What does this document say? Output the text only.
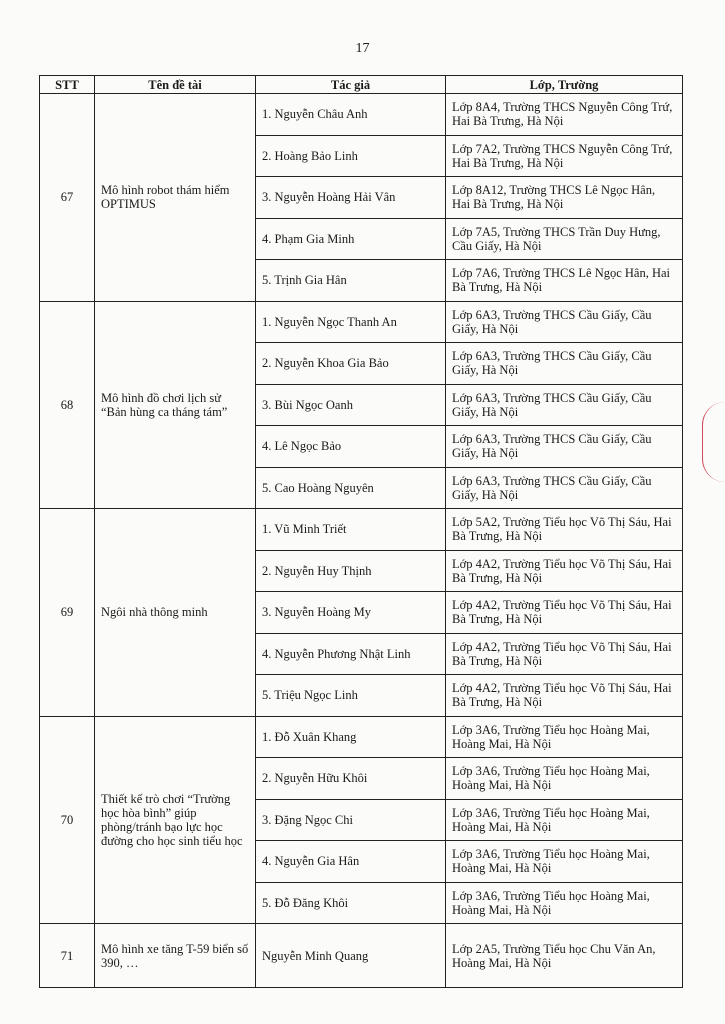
17
STT	Tên đề tài	Tác giả	Lớp, Trường
67	Mô hình robot thám hiểm OPTIMUS	1. Nguyễn Châu Anh	Lớp 8A4, Trường THCS Nguyễn Công Trứ, Hai Bà Trưng, Hà Nội
		2. Hoàng Bảo Linh	Lớp 7A2, Trường THCS Nguyễn Công Trứ, Hai Bà Trưng, Hà Nội
		3. Nguyễn Hoàng Hải Vân	Lớp 8A12, Trường THCS Lê Ngọc Hân, Hai Bà Trưng, Hà Nội
		4. Phạm Gia Minh	Lớp 7A5, Trường THCS Trần Duy Hưng, Cầu Giấy, Hà Nội
		5. Trịnh Gia Hân	Lớp 7A6, Trường THCS Lê Ngọc Hân, Hai Bà Trưng, Hà Nội
68	Mô hình đồ chơi lịch sử “Bản hùng ca tháng tám”	1. Nguyễn Ngọc Thanh An	Lớp 6A3, Trường THCS Cầu Giấy, Cầu Giấy, Hà Nội
		2. Nguyễn Khoa Gia Bảo	Lớp 6A3, Trường THCS Cầu Giấy, Cầu Giấy, Hà Nội
		3. Bùi Ngọc Oanh	Lớp 6A3, Trường THCS Cầu Giấy, Cầu Giấy, Hà Nội
		4. Lê Ngọc Bảo	Lớp 6A3, Trường THCS Cầu Giấy, Cầu Giấy, Hà Nội
		5. Cao Hoàng Nguyên	Lớp 6A3, Trường THCS Cầu Giấy, Cầu Giấy, Hà Nội
69	Ngôi nhà thông minh	1. Vũ Minh Triết	Lớp 5A2, Trường Tiểu học Võ Thị Sáu, Hai Bà Trưng, Hà Nội
		2. Nguyễn Huy Thịnh	Lớp 4A2, Trường Tiểu học Võ Thị Sáu, Hai Bà Trưng, Hà Nội
		3. Nguyễn Hoàng My	Lớp 4A2, Trường Tiểu học Võ Thị Sáu, Hai Bà Trưng, Hà Nội
		4. Nguyễn Phương Nhật Linh	Lớp 4A2, Trường Tiểu học Võ Thị Sáu, Hai Bà Trưng, Hà Nội
		5. Triệu Ngọc Linh	Lớp 4A2, Trường Tiểu học Võ Thị Sáu, Hai Bà Trưng, Hà Nội
70	Thiết kế trò chơi “Trường học hòa bình” giúp phòng/tránh bạo lực học đường cho học sinh tiểu học	1. Đỗ Xuân Khang	Lớp 3A6, Trường Tiểu học Hoàng Mai, Hoàng Mai, Hà Nội
		2. Nguyễn Hữu Khôi	Lớp 3A6, Trường Tiểu học Hoàng Mai, Hoàng Mai, Hà Nội
		3. Đặng Ngọc Chi	Lớp 3A6, Trường Tiểu học Hoàng Mai, Hoàng Mai, Hà Nội
		4. Nguyễn Gia Hân	Lớp 3A6, Trường Tiểu học Hoàng Mai, Hoàng Mai, Hà Nội
		5. Đỗ Đăng Khôi	Lớp 3A6, Trường Tiểu học Hoàng Mai, Hoàng Mai, Hà Nội
71	Mô hình xe tăng T-59 biển số 390, …	Nguyễn Minh Quang	Lớp 2A5, Trường Tiểu học Chu Văn An, Hoàng Mai, Hà Nội
